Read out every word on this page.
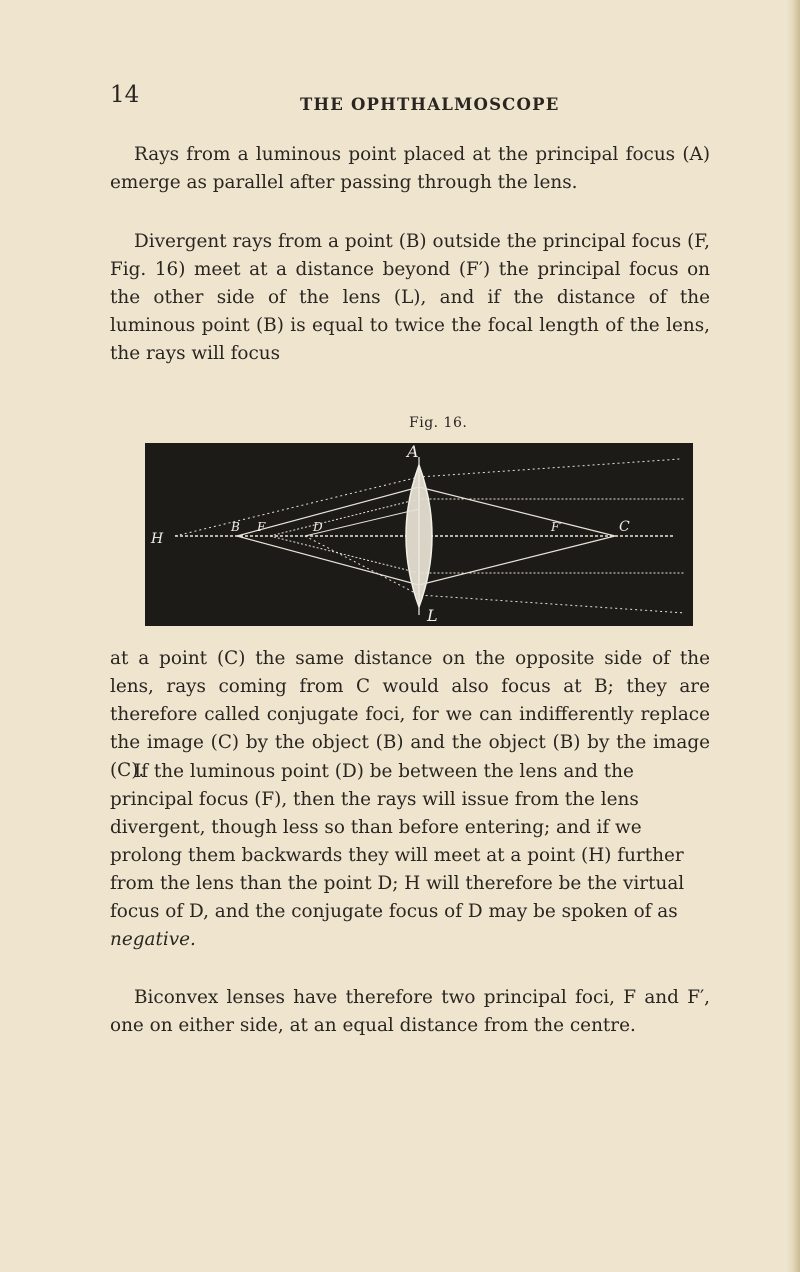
14	THE OPHTHALMOSCOPE

Rays from a luminous point placed at the principal focus (A) emerge as parallel after passing through the lens.

Divergent rays from a point (B) outside the principal focus (F, Fig. 16) meet at a distance beyond (F′) the principal focus on the other side of the lens (L), and if the distance of the luminous point (B) is equal to twice the focal length of the lens, the rays will focus

Fig. 16.
A
L
H
B F	D	F′	C

at a point (C) the same distance on the opposite side of the lens, rays coming from C would also focus at B; they are therefore called conjugate foci, for we can indifferently replace the image (C) by the object (B) and the object (B) by the image (C).

If the luminous point (D) be between the lens and the principal focus (F), then the rays will issue from the lens divergent, though less so than before entering; and if we prolong them backwards they will meet at a point (H) further from the lens than the point D; H will therefore be the virtual focus of D, and the conjugate focus of D may be spoken of as negative.

Biconvex lenses have therefore two principal foci, F and F′, one on either side, at an equal distance from the centre.
